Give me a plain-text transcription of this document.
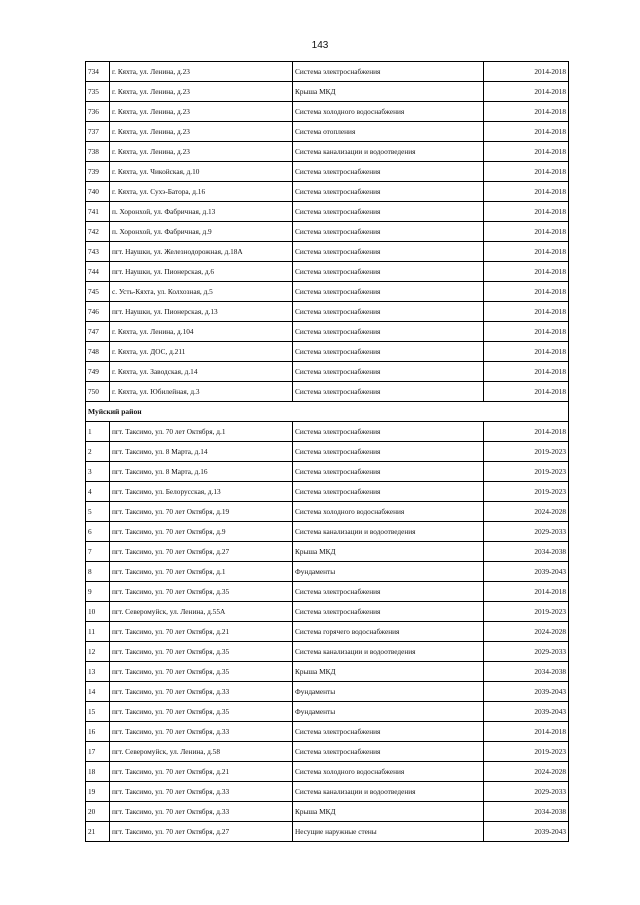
143
734	г. Кяхта, ул. Ленина, д.23	Система электроснабжения	2014-2018
735	г. Кяхта, ул. Ленина, д.23	Крыша МКД	2014-2018
736	г. Кяхта, ул. Ленина, д.23	Система холодного водоснабжения	2014-2018
737	г. Кяхта, ул. Ленина, д.23	Система отопления	2014-2018
738	г. Кяхта, ул. Ленина, д.23	Система канализации и водоотведения	2014-2018
739	г. Кяхта, ул. Чикойская, д.10	Система электроснабжения	2014-2018
740	г. Кяхта, ул. Сухэ-Батора, д.16	Система электроснабжения	2014-2018
741	п. Хоронхой, ул. Фабричная, д.13	Система электроснабжения	2014-2018
742	п. Хоронхой, ул. Фабричная, д.9	Система электроснабжения	2014-2018
743	пгт. Наушки, ул. Железнодорожная, д.18А	Система электроснабжения	2014-2018
744	пгт. Наушки, ул. Пионерская, д.6	Система электроснабжения	2014-2018
745	с. Усть-Кяхта, ул. Колхозная, д.5	Система электроснабжения	2014-2018
746	пгт. Наушки, ул. Пионерская, д.13	Система электроснабжения	2014-2018
747	г. Кяхта, ул. Ленина, д.104	Система электроснабжения	2014-2018
748	г. Кяхта, ул. ДОС, д.211	Система электроснабжения	2014-2018
749	г. Кяхта, ул. Заводская, д.14	Система электроснабжения	2014-2018
750	г. Кяхта, ул. Юбилейная, д.3	Система электроснабжения	2014-2018
Муйский район			
1	пгт. Таксимо, ул. 70 лет Октября, д.1	Система электроснабжения	2014-2018
2	пгт. Таксимо, ул. 8 Марта, д.14	Система электроснабжения	2019-2023
3	пгт. Таксимо, ул. 8 Марта, д.16	Система электроснабжения	2019-2023
4	пгт. Таксимо, ул. Белорусская, д.13	Система электроснабжения	2019-2023
5	пгт. Таксимо, ул. 70 лет Октября, д.19	Система холодного водоснабжения	2024-2028
6	пгт. Таксимо, ул. 70 лет Октября, д.9	Система канализации и водоотведения	2029-2033
7	пгт. Таксимо, ул. 70 лет Октября, д.27	Крыша МКД	2034-2038
8	пгт. Таксимо, ул. 70 лет Октября, д.1	Фундаменты	2039-2043
9	пгт. Таксимо, ул. 70 лет Октября, д.35	Система электроснабжения	2014-2018
10	пгт. Северомуйск, ул. Ленина, д.55А	Система электроснабжения	2019-2023
11	пгт. Таксимо, ул. 70 лет Октября, д.21	Система горячего водоснабжения	2024-2028
12	пгт. Таксимо, ул. 70 лет Октября, д.35	Система канализации и водоотведения	2029-2033
13	пгт. Таксимо, ул. 70 лет Октября, д.35	Крыша МКД	2034-2038
14	пгт. Таксимо, ул. 70 лет Октября, д.33	Фундаменты	2039-2043
15	пгт. Таксимо, ул. 70 лет Октября, д.35	Фундаменты	2039-2043
16	пгт. Таксимо, ул. 70 лет Октября, д.33	Система электроснабжения	2014-2018
17	пгт. Северомуйск, ул. Ленина, д.58	Система электроснабжения	2019-2023
18	пгт. Таксимо, ул. 70 лет Октября, д.21	Система холодного водоснабжения	2024-2028
19	пгт. Таксимо, ул. 70 лет Октября, д.33	Система канализации и водоотведения	2029-2033
20	пгт. Таксимо, ул. 70 лет Октября, д.33	Крыша МКД	2034-2038
21	пгт. Таксимо, ул. 70 лет Октября, д.27	Несущие наружные стены	2039-2043
